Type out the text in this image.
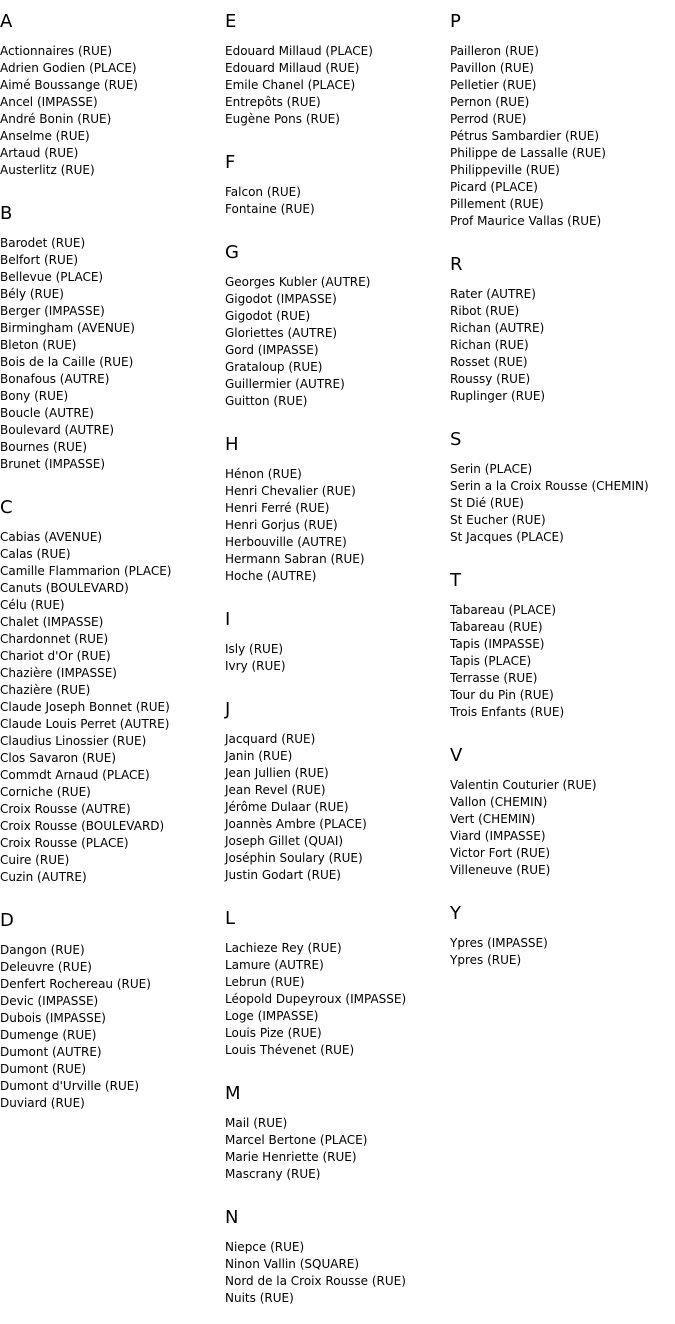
A
Actionnaires (RUE)
Adrien Godien (PLACE)
Aimé Boussange (RUE)
Ancel (IMPASSE)
André Bonin (RUE)
Anselme (RUE)
Artaud (RUE)
Austerlitz (RUE)
B
Barodet (RUE)
Belfort (RUE)
Bellevue (PLACE)
Bély (RUE)
Berger (IMPASSE)
Birmingham (AVENUE)
Bleton (RUE)
Bois de la Caille (RUE)
Bonafous (AUTRE)
Bony (RUE)
Boucle (AUTRE)
Boulevard (AUTRE)
Bournes (RUE)
Brunet (IMPASSE)
C
Cabias (AVENUE)
Calas (RUE)
Camille Flammarion (PLACE)
Canuts (BOULEVARD)
Célu (RUE)
Chalet (IMPASSE)
Chardonnet (RUE)
Chariot d'Or (RUE)
Chazière (IMPASSE)
Chazière (RUE)
Claude Joseph Bonnet (RUE)
Claude Louis Perret (AUTRE)
Claudius Linossier (RUE)
Clos Savaron (RUE)
Commdt Arnaud (PLACE)
Corniche (RUE)
Croix Rousse (AUTRE)
Croix Rousse (BOULEVARD)
Croix Rousse (PLACE)
Cuire (RUE)
Cuzin (AUTRE)
D
Dangon (RUE)
Deleuvre (RUE)
Denfert Rochereau (RUE)
Devic (IMPASSE)
Dubois (IMPASSE)
Dumenge (RUE)
Dumont (AUTRE)
Dumont (RUE)
Dumont d'Urville (RUE)
Duviard (RUE)
E
Edouard Millaud (PLACE)
Edouard Millaud (RUE)
Emile Chanel (PLACE)
Entrepôts (RUE)
Eugène Pons (RUE)
F
Falcon (RUE)
Fontaine (RUE)
G
Georges Kubler (AUTRE)
Gigodot (IMPASSE)
Gigodot (RUE)
Gloriettes (AUTRE)
Gord (IMPASSE)
Grataloup (RUE)
Guillermier (AUTRE)
Guitton (RUE)
H
Hénon (RUE)
Henri Chevalier (RUE)
Henri Ferré (RUE)
Henri Gorjus (RUE)
Herbouville (AUTRE)
Hermann Sabran (RUE)
Hoche (AUTRE)
I
Isly (RUE)
Ivry (RUE)
J
Jacquard (RUE)
Janin (RUE)
Jean Jullien (RUE)
Jean Revel (RUE)
Jérôme Dulaar (RUE)
Joannès Ambre (PLACE)
Joseph Gillet (QUAI)
Joséphin Soulary (RUE)
Justin Godart (RUE)
L
Lachieze Rey (RUE)
Lamure (AUTRE)
Lebrun (RUE)
Léopold Dupeyroux (IMPASSE)
Loge (IMPASSE)
Louis Pize (RUE)
Louis Thévenet (RUE)
M
Mail (RUE)
Marcel Bertone (PLACE)
Marie Henriette (RUE)
Mascrany (RUE)
N
Niepce (RUE)
Ninon Vallin (SQUARE)
Nord de la Croix Rousse (RUE)
Nuits (RUE)
P
Pailleron (RUE)
Pavillon (RUE)
Pelletier (RUE)
Pernon (RUE)
Perrod (RUE)
Pétrus Sambardier (RUE)
Philippe de Lassalle (RUE)
Philippeville (RUE)
Picard (PLACE)
Pillement (RUE)
Prof Maurice Vallas (RUE)
R
Rater (AUTRE)
Ribot (RUE)
Richan (AUTRE)
Richan (RUE)
Rosset (RUE)
Roussy (RUE)
Ruplinger (RUE)
S
Serin (PLACE)
Serin a la Croix Rousse (CHEMIN)
St Dié (RUE)
St Eucher (RUE)
St Jacques (PLACE)
T
Tabareau (PLACE)
Tabareau (RUE)
Tapis (IMPASSE)
Tapis (PLACE)
Terrasse (RUE)
Tour du Pin (RUE)
Trois Enfants (RUE)
V
Valentin Couturier (RUE)
Vallon (CHEMIN)
Vert (CHEMIN)
Viard (IMPASSE)
Victor Fort (RUE)
Villeneuve (RUE)
Y
Ypres (IMPASSE)
Ypres (RUE)
